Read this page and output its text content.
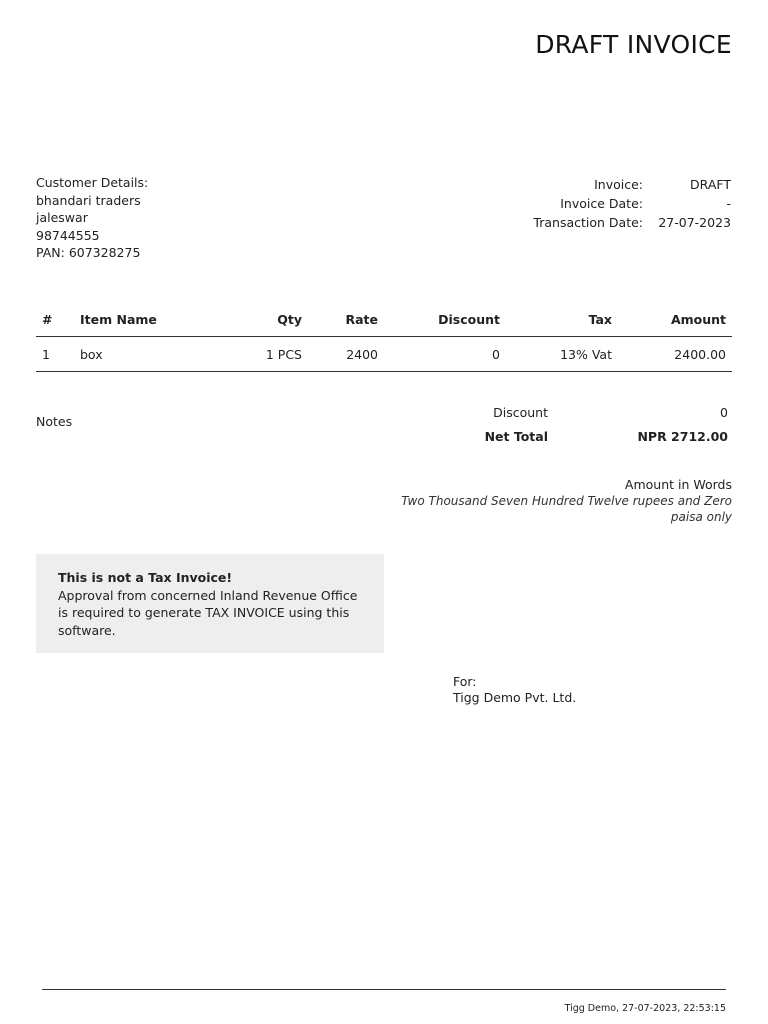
DRAFT INVOICE
Customer Details:
bhandari traders
jaleswar
98744555
PAN: 607328275
Invoice:	DRAFT
Invoice Date:	-
Transaction Date:	27-07-2023
#	Item Name	Qty	Rate	Discount	Tax	Amount
1	box	1 PCS	2400	0	13% Vat	2400.00
Notes
Discount	0
Net Total	NPR 2712.00
Amount in Words
Two Thousand Seven Hundred Twelve rupees and Zero paisa only
This is not a Tax Invoice!
Approval from concerned Inland Revenue Office is required to generate TAX INVOICE using this software.
For:
Tigg Demo Pvt. Ltd.
Tigg Demo, 27-07-2023, 22:53:15
